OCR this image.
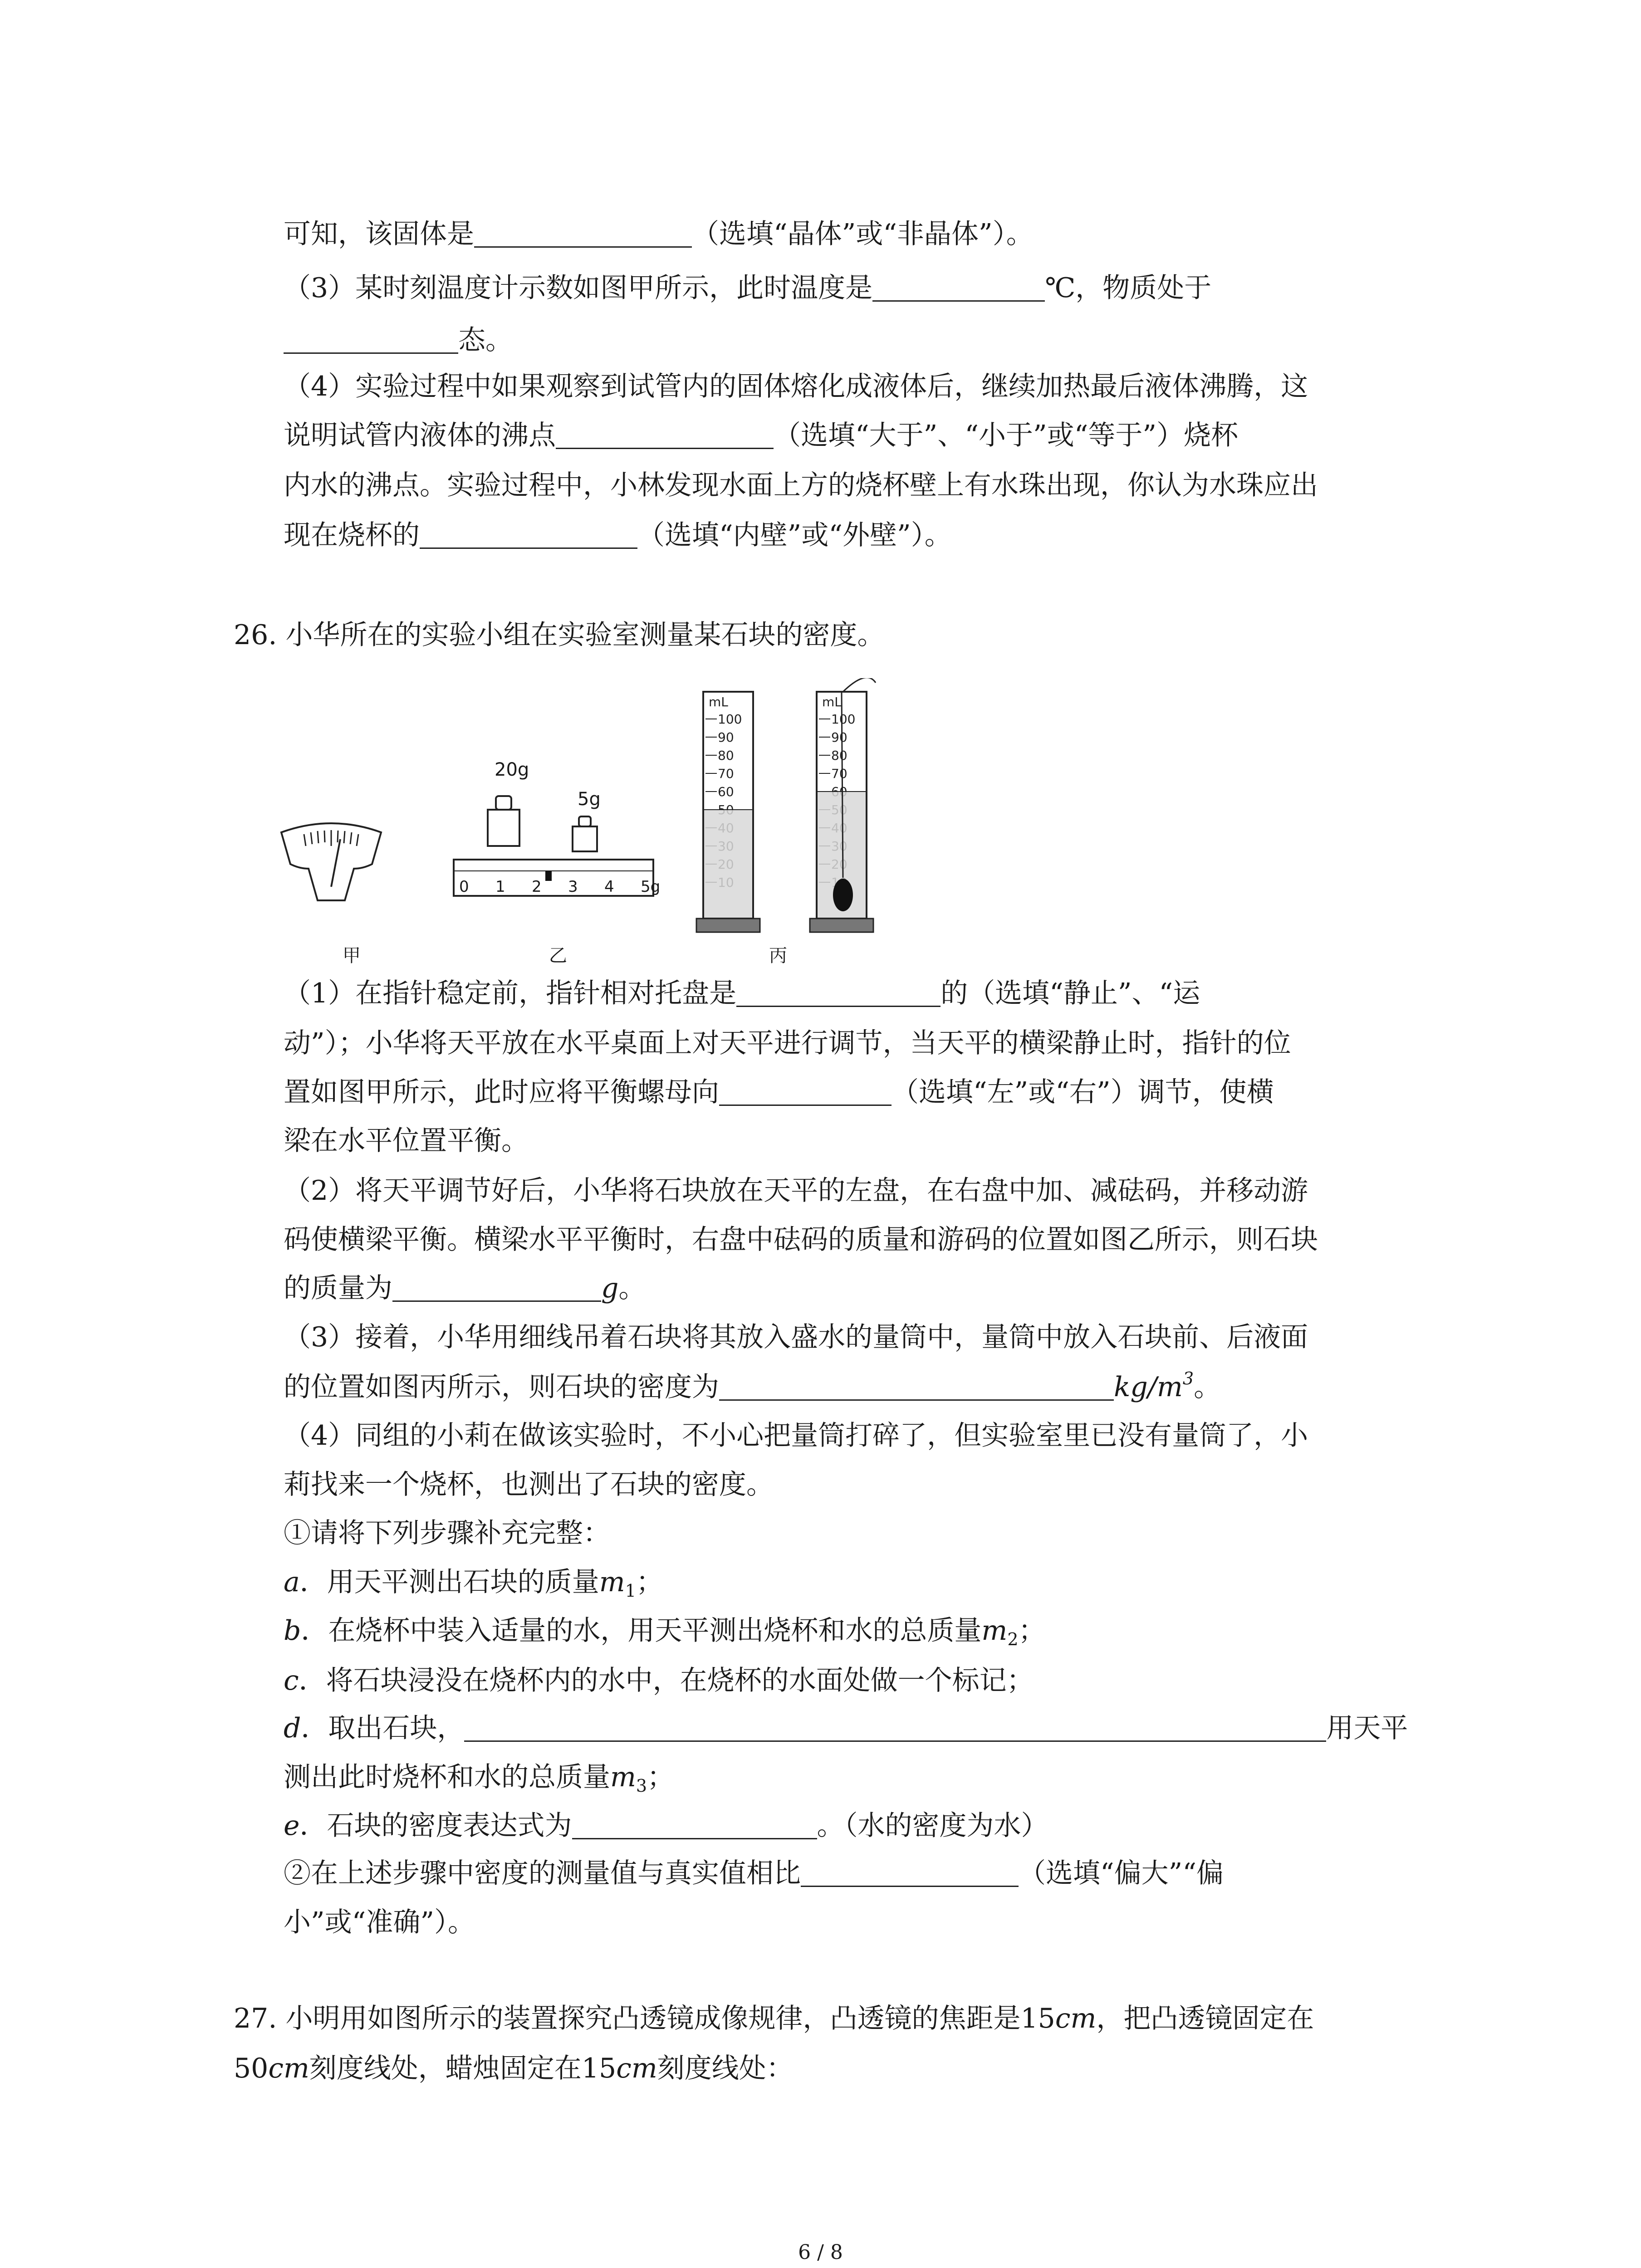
可知，该固体是	（选填“晶体”或“非晶体”）。
（3）某时刻温度计示数如图甲所示，此时温度是	℃，物质处于
态。
（4）实验过程中如果观察到试管内的固体熔化成液体后，继续加热最后液体沸腾，这
说明试管内液体的沸点	（选填“大于”、“小于”或“等于”）烧杯
内水的沸点。实验过程中，小林发现水面上方的烧杯壁上有水珠出现，你认为水珠应出
现在烧杯的	（选填“内壁”或“外壁”）。
26. 小华所在的实验小组在实验室测量某石块的密度。
甲
20g
5g
0 1 2 3 4 5g
乙
mL
100
90
80
70
60
mL
100
90
80
70
丙
（1）在指针稳定前，指针相对托盘是	的（选填“静止”、“运
动”）；小华将天平放在水平桌面上对天平进行调节，当天平的横梁静止时，指针的位
置如图甲所示，此时应将平衡螺母向	（选填“左”或“右”）调节，使横
梁在水平位置平衡。
（2）将天平调节好后，小华将石块放在天平的左盘，在右盘中加、减砝码，并移动游
码使横梁平衡。横梁水平平衡时，右盘中砝码的质量和游码的位置如图乙所示，则石块
的质量为	g。
（3）接着，小华用细线吊着石块将其放入盛水的量筒中，量筒中放入石块前、后液面
的位置如图丙所示，则石块的密度为	$kg/m^3$。
（4）同组的小莉在做该实验时，不小心把量筒打碎了，但实验室里已没有量筒了，小
莉找来一个烧杯，也测出了石块的密度。
①请将下列步骤补充完整：
a．用天平测出石块的质量$m_1$；
b．在烧杯中装入适量的水，用天平测出烧杯和水的总质量$m_2$；
c．将石块浸没在烧杯内的水中，在烧杯的水面处做一个标记；
d．取出石块，	用天平
测出此时烧杯和水的总质量$m_3$；
e．石块的密度表达式为	。（水的密度为水）
②在上述步骤中密度的测量值与真实值相比	（选填“偏大”“偏
小”或“准确”）。
27. 小明用如图所示的装置探究凸透镜成像规律，凸透镜的焦距是15cm，把凸透镜固定在
50cm刻度线处，蜡烛固定在15cm刻度线处：
6 / 8
